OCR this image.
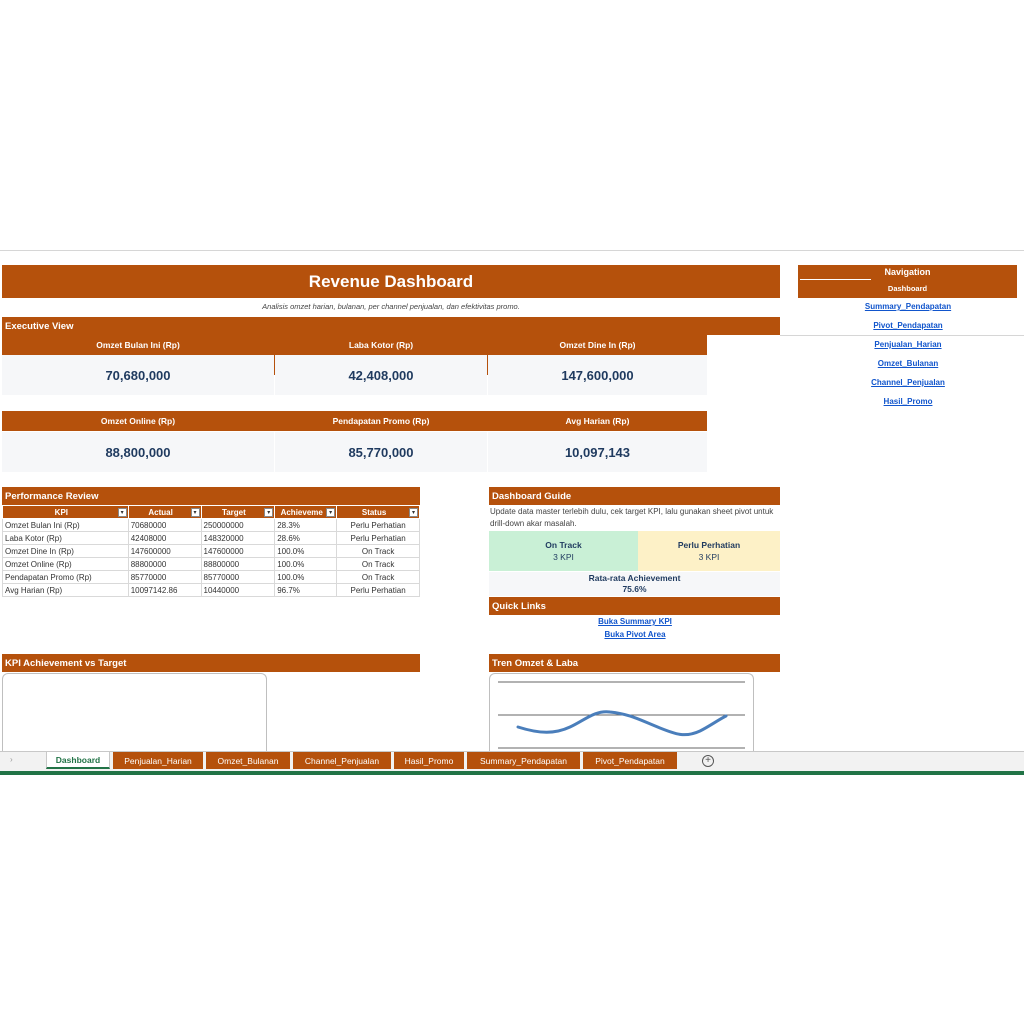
Revenue Dashboard
Analisis omzet harian, bulanan, per channel penjualan, dan efektivitas promo.
Executive View
Omzet Bulan Ini (Rp)	Laba Kotor (Rp)	Omzet Dine In (Rp)
70,680,000	42,408,000	147,600,000
Omzet Online (Rp)	Pendapatan Promo (Rp)	Avg Harian (Rp)
88,800,000	85,770,000	10,097,143
Performance Review
KPI ▾	Actual ▾	Target ▾	Achieveme ▾	Status ▾

Omzet Bulan Ini (Rp)	70680000	250000000	28.3%	Perlu Perhatian
Laba Kotor (Rp)	42408000	148320000	28.6%	Perlu Perhatian
Omzet Dine In (Rp)	147600000	147600000	100.0%	On Track
Omzet Online (Rp)	88800000	88800000	100.0%	On Track
Pendapatan Promo (Rp)	85770000	85770000	100.0%	On Track
Avg Harian (Rp)	10097142.86	10440000	96.7%	Perlu Perhatian
Dashboard Guide
Update data master terlebih dulu, cek target KPI, lalu gunakan sheet pivot untuk drill-down akar masalah.
On Track
3 KPI
Perlu Perhatian
3 KPI
Rata-rata Achievement
75.6%
Quick Links
Buka Summary KPI
Buka Pivot Area
KPI Achievement vs Target	Tren Omzet & Laba
Navigation
Dashboard
Summary_Pendapatan
Pivot_Pendapatan
Penjualan_Harian
Omzet_Bulanan
Channel_Penjualan
Hasil_Promo
›	Dashboard	Penjualan_Harian	Omzet_Bulanan	Channel_Penjualan	Hasil_Promo	Summary_Pendapatan	Pivot_Pendapatan	+
